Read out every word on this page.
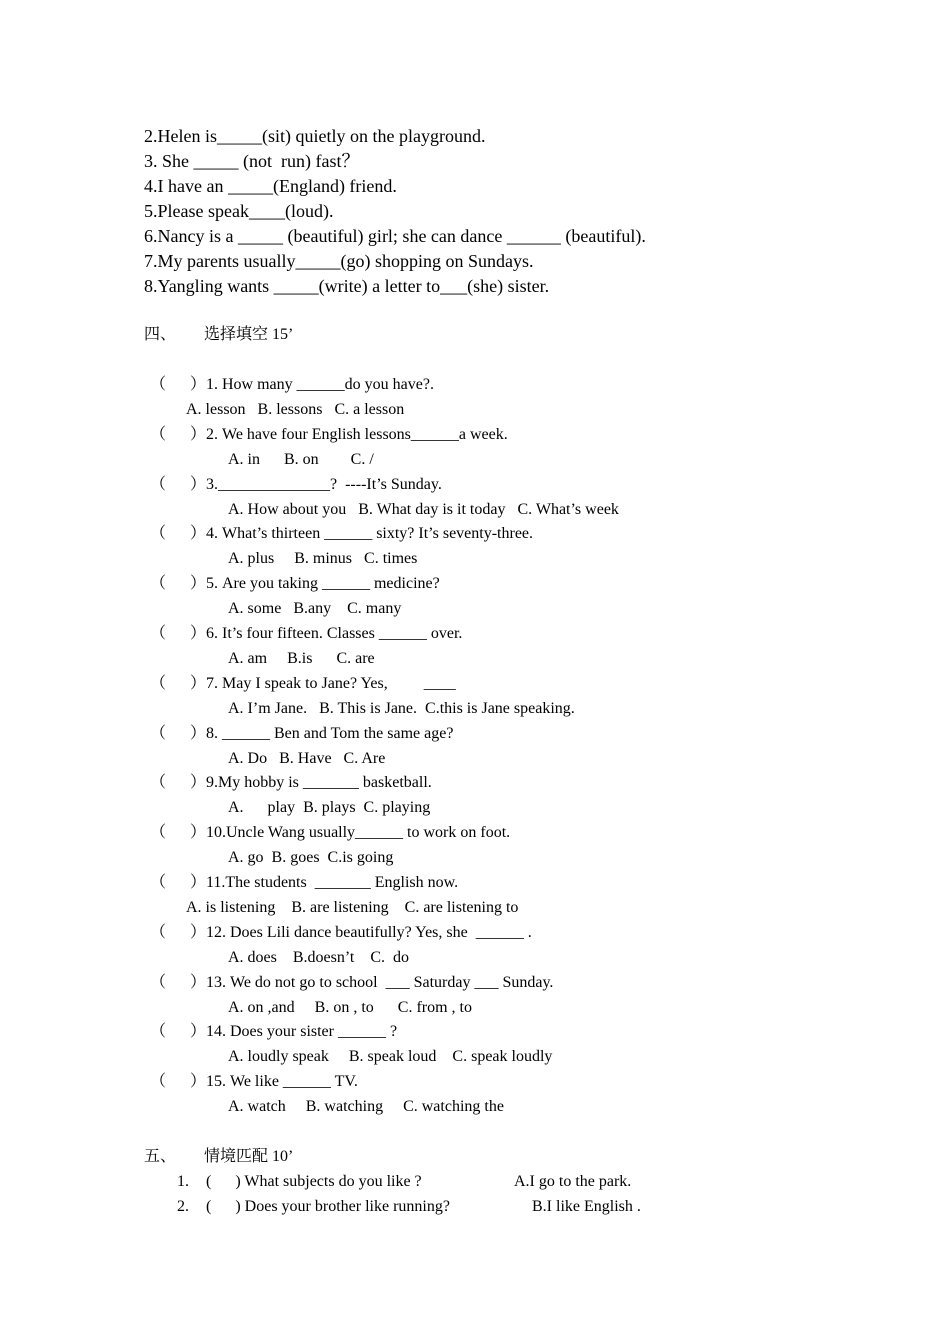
2.Helen is_____(sit) quietly on the playground.
3. She _____ (not  run) fast？
4.I have an _____(England) friend.
5.Please speak____(loud).
6.Nancy is a _____ (beautiful) girl; she can dance ______ (beautiful).
7.My parents usually_____(go) shopping on Sundays.
8.Yangling wants _____(write) a letter to___(she) sister.
四、       选择填空 15’
（      ）1. How many ______do you have?.
A. lesson   B. lessons   C. a lesson
（      ）2. We have four English lessons______a week.
A. in      B. on        C. /
（      ）3.______________?  ----It’s Sunday.
A. How about you   B. What day is it today   C. What’s week
（      ）4. What’s thirteen ______ sixty? It’s seventy-three.
A. plus     B. minus   C. times
（      ）5. Are you taking ______ medicine?
A. some   B.any    C. many
（      ）6. It’s four fifteen. Classes ______ over.
A. am     B.is      C. are
（      ）7. May I speak to Jane? Yes,         ____
A. I’m Jane.   B. This is Jane.  C.this is Jane speaking.
（      ）8. ______ Ben and Tom the same age?
A. Do   B. Have   C. Are
（      ）9.My hobby is _______ basketball.
A.      play  B. plays  C. playing
（      ）10.Uncle Wang usually______ to work on foot.
A. go  B. goes  C.is going
（      ）11.The students  _______ English now.
A. is listening    B. are listening    C. are listening to
（      ）12. Does Lili dance beautifully? Yes, she  ______ .
A. does    B.doesn’t    C.  do
（      ）13. We do not go to school  ___ Saturday ___ Sunday.
A. on ,and     B. on , to      C. from , to
（      ）14. Does your sister ______ ?
A. loudly speak     B. speak loud    C. speak loudly
（      ）15. We like ______ TV.
A. watch     B. watching     C. watching the
五、       情境匹配 10’
1. (      ) What subjects do you like ?	A.I go to the park.
2. (      ) Does your brother like running?	B.I like English .
